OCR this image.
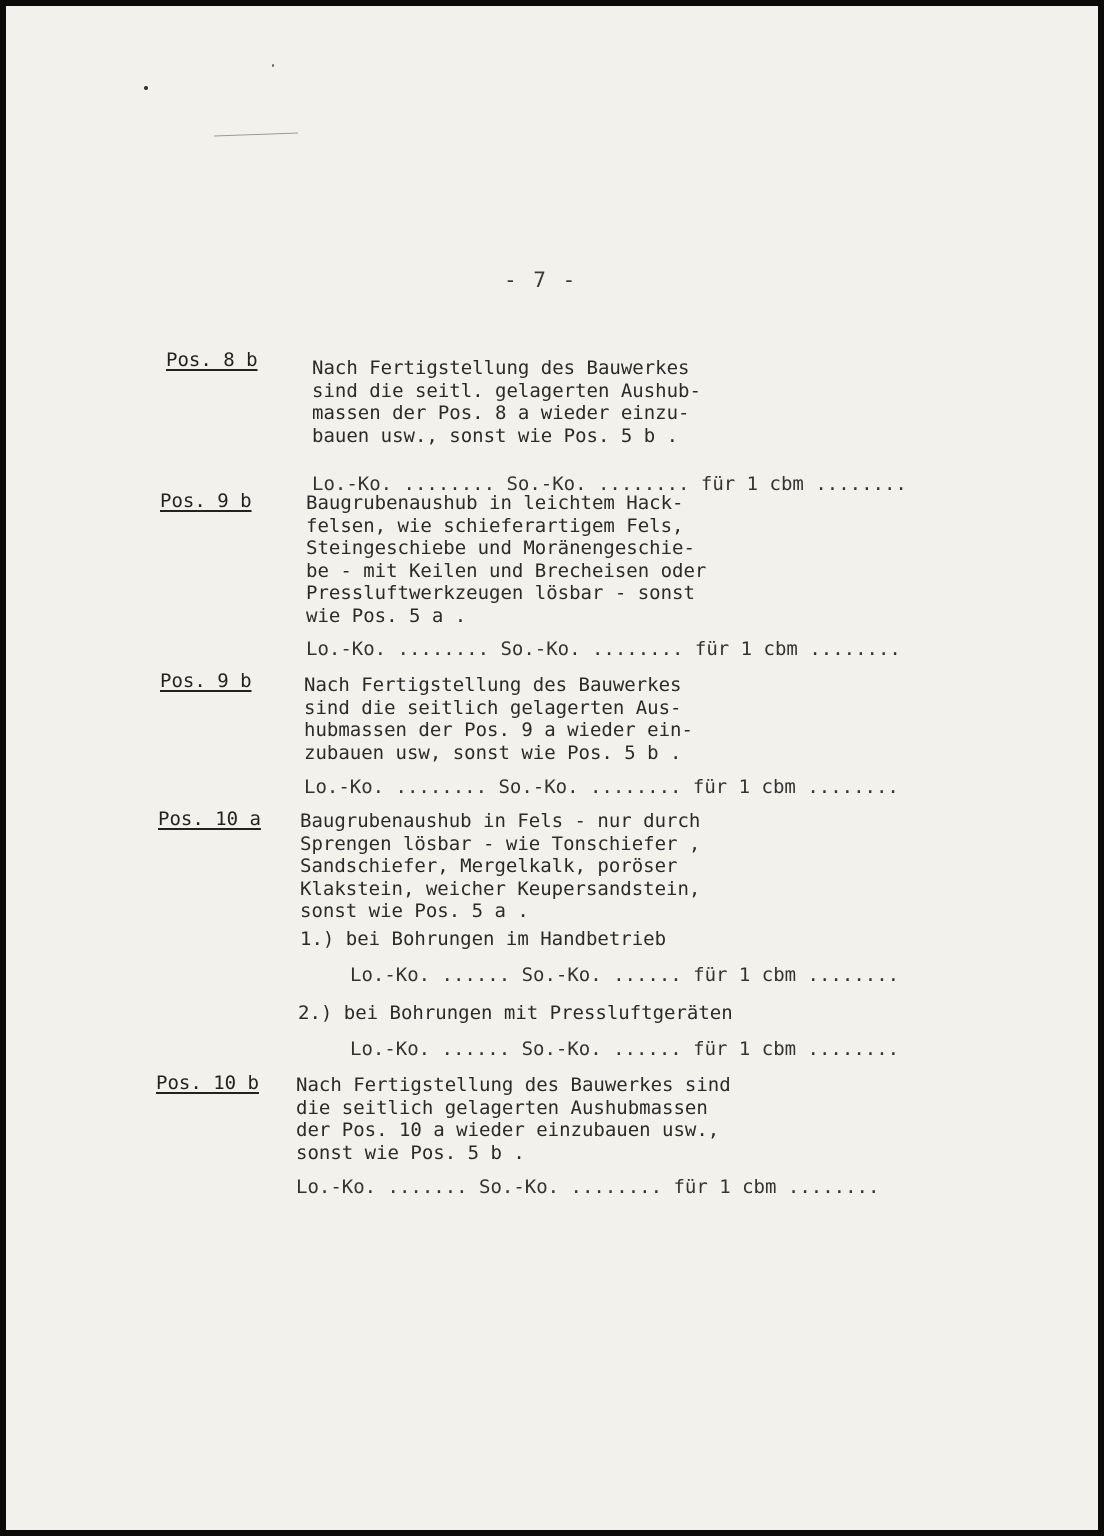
- 7 -
Pos. 8 b	Nach Fertigstellung des Bauwerkes
sind die seitl. gelagerten Aushub-
massen der Pos. 8 a wieder einzu-
bauen usw., sonst wie Pos. 5 b .
Lo.-Ko. ........ So.-Ko. ........ für 1 cbm ........
Pos. 9 b	Baugrubenaushub in leichtem Hack-
felsen, wie schieferartigem Fels,
Steingeschiebe und Moränengeschie-
be - mit Keilen und Brecheisen oder
Pressluftwerkzeugen lösbar - sonst
wie Pos. 5 a .
Lo.-Ko. ........ So.-Ko. ........ für 1 cbm ........
Pos. 9 b	Nach Fertigstellung des Bauwerkes
sind die seitlich gelagerten Aus-
hubmassen der Pos. 9 a wieder ein-
zubauen usw, sonst wie Pos. 5 b .
Lo.-Ko. ........ So.-Ko. ........ für 1 cbm ........
Pos. 10 a Baugrubenaushub in Fels - nur durch
Sprengen lösbar - wie Tonschiefer ,
Sandschiefer, Mergelkalk, poröser
Klakstein, weicher Keupersandstein,
sonst wie Pos. 5 a .
1.) bei Bohrungen im Handbetrieb
Lo.-Ko. ...... So.-Ko. ...... für 1 cbm ........
2.) bei Bohrungen mit Pressluftgeräten
Lo.-Ko. ...... So.-Ko. ...... für 1 cbm ........
Pos. 10 b Nach Fertigstellung des Bauwerkes sind
die seitlich gelagerten Aushubmassen
der Pos. 10 a wieder einzubauen usw.,
sonst wie Pos. 5 b .
Lo.-Ko. ....... So.-Ko. ........ für 1 cbm ........
